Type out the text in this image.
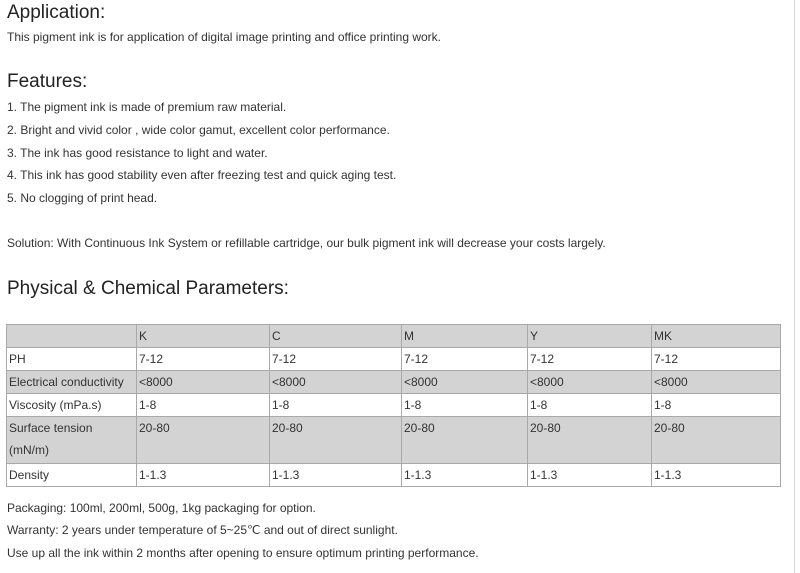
Application:
This pigment ink is for application of digital image printing and office printing work.
Features:
1. The pigment ink is made of premium raw material.
2. Bright and vivid color , wide color gamut, excellent color performance.
3. The ink has good resistance to light and water.
4. This ink has good stability even after freezing test and quick aging test.
5. No clogging of print head.
Solution: With Continuous Ink System or refillable cartridge, our bulk pigment ink will decrease your costs largely.
Physical & Chemical Parameters:
	K	C	M	Y	MK
PH	7-12	7-12	7-12	7-12	7-12
Electrical conductivity	<8000	<8000	<8000	<8000	<8000
Viscosity (mPa.s)	1-8	1-8	1-8	1-8	1-8
Surface tension (mN/m)	20-80	20-80	20-80	20-80	20-80
Density	1-1.3	1-1.3	1-1.3	1-1.3	1-1.3
Packaging: 100ml, 200ml, 500g, 1kg packaging for option.
Warranty: 2 years under temperature of 5~25℃ and out of direct sunlight.
Use up all the ink within 2 months after opening to ensure optimum printing performance.
